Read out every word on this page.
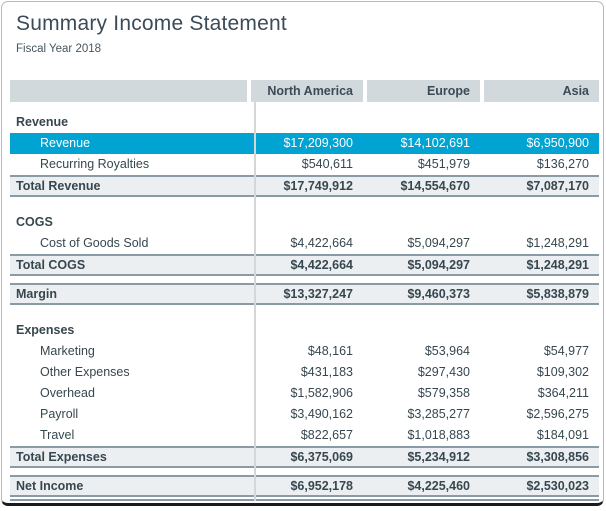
Summary Income Statement
Fiscal Year 2018
North America	Europe	Asia
Revenue
Revenue	$17,209,300	$14,102,691	$6,950,900
Recurring Royalties	$540,611	$451,979	$136,270
Total Revenue	$17,749,912	$14,554,670	$7,087,170
COGS
Cost of Goods Sold	$4,422,664	$5,094,297	$1,248,291
Total COGS	$4,422,664	$5,094,297	$1,248,291
Margin	$13,327,247	$9,460,373	$5,838,879
Expenses
Marketing	$48,161	$53,964	$54,977
Other Expenses	$431,183	$297,430	$109,302
Overhead	$1,582,906	$579,358	$364,211
Payroll	$3,490,162	$3,285,277	$2,596,275
Travel	$822,657	$1,018,883	$184,091
Total Expenses	$6,375,069	$5,234,912	$3,308,856
Net Income	$6,952,178	$4,225,460	$2,530,023
